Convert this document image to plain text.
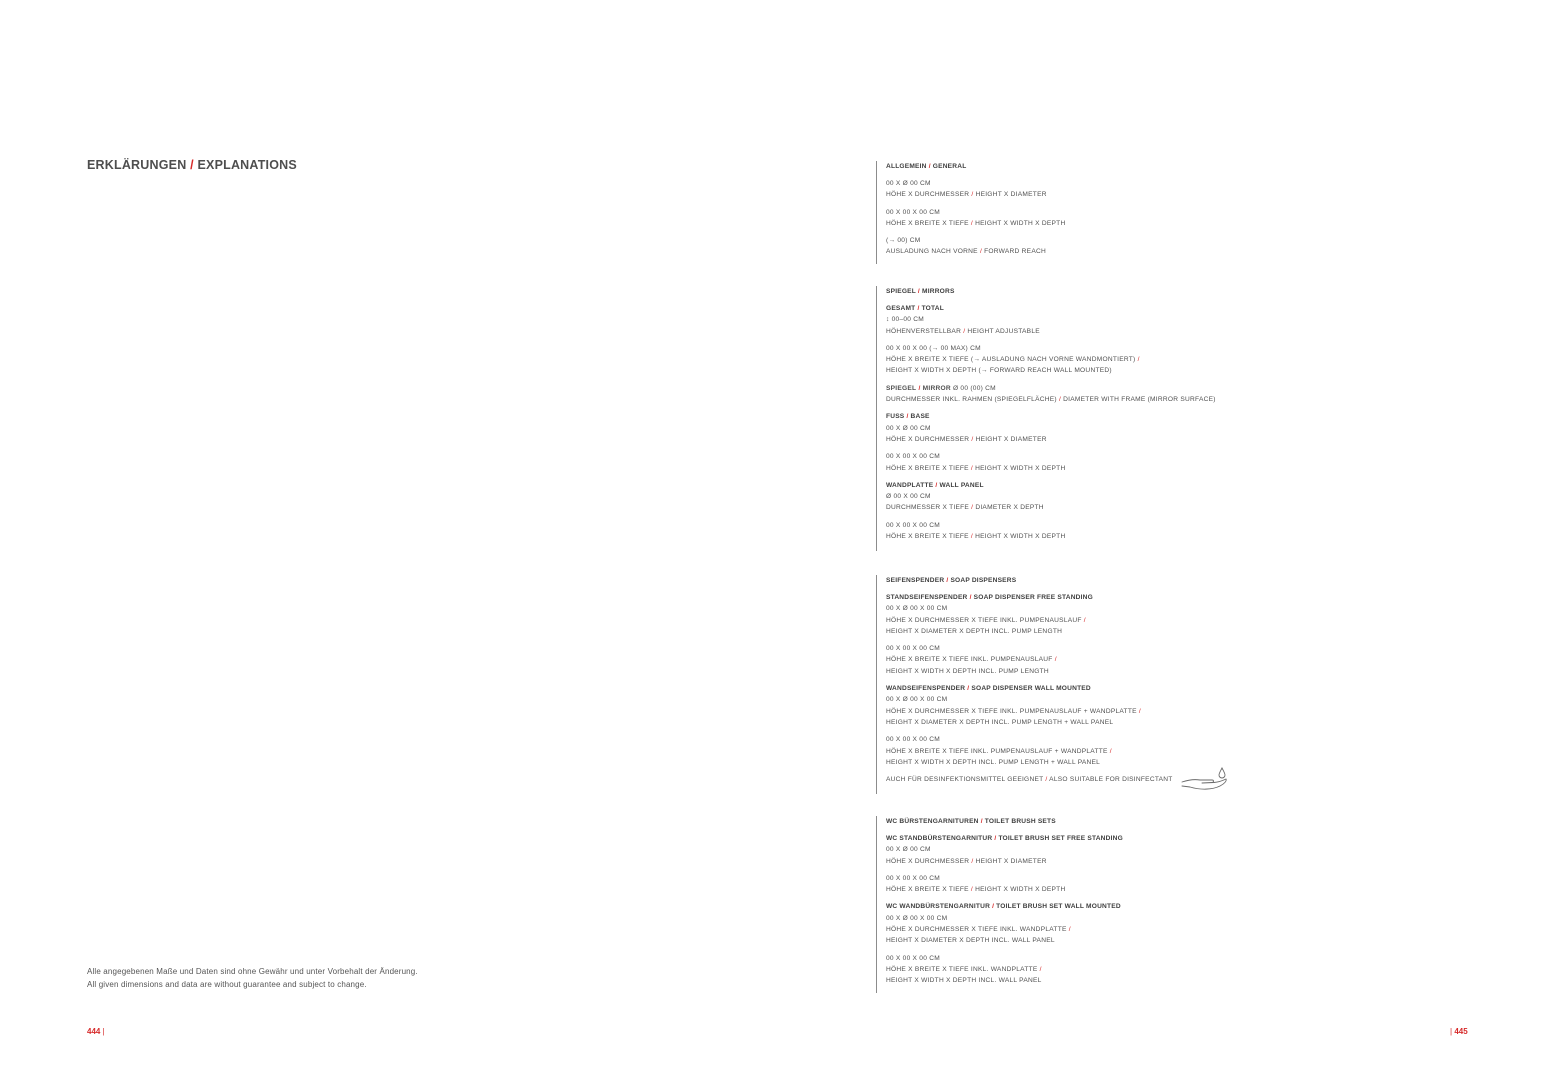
ERKLÄRUNGEN / EXPLANATIONS
Alle angegebenen Maße und Daten sind ohne Gewähr und unter Vorbehalt der Änderung.
All given dimensions and data are without guarantee and subject to change.
444 |	| 445
ALLGEMEIN / GENERAL
00 X Ø 00 CM
HÖHE X DURCHMESSER / HEIGHT X DIAMETER
00 X 00 X 00 CM
HÖHE X BREITE X TIEFE / HEIGHT X WIDTH X DEPTH
(→ 00) CM
AUSLADUNG NACH VORNE / FORWARD REACH
SPIEGEL / MIRRORS
GESAMT / TOTAL
↕ 00–00 CM
HÖHENVERSTELLBAR / HEIGHT ADJUSTABLE
00 X 00 X 00 (→ 00 MAX) CM
HÖHE X BREITE X TIEFE (→ AUSLADUNG NACH VORNE WANDMONTIERT) /
HEIGHT X WIDTH X DEPTH (→ FORWARD REACH WALL MOUNTED)
SPIEGEL / MIRROR Ø 00 (00) CM
DURCHMESSER INKL. RAHMEN (SPIEGELFLÄCHE) / DIAMETER WITH FRAME (MIRROR SURFACE)
FUSS / BASE
00 X Ø 00 CM
HÖHE X DURCHMESSER / HEIGHT X DIAMETER
00 X 00 X 00 CM
HÖHE X BREITE X TIEFE / HEIGHT X WIDTH X DEPTH
WANDPLATTE / WALL PANEL
Ø 00 X 00 CM
DURCHMESSER X TIEFE / DIAMETER X DEPTH
00 X 00 X 00 CM
HÖHE X BREITE X TIEFE / HEIGHT X WIDTH X DEPTH
SEIFENSPENDER / SOAP DISPENSERS
STANDSEIFENSPENDER / SOAP DISPENSER FREE STANDING
00 X Ø 00 X 00 CM
HÖHE X DURCHMESSER X TIEFE INKL. PUMPENAUSLAUF /
HEIGHT X DIAMETER X DEPTH INCL. PUMP LENGTH
00 X 00 X 00 CM
HÖHE X BREITE X TIEFE INKL. PUMPENAUSLAUF /
HEIGHT X WIDTH X DEPTH INCL. PUMP LENGTH
WANDSEIFENSPENDER / SOAP DISPENSER WALL MOUNTED
00 X Ø 00 X 00 CM
HÖHE X DURCHMESSER X TIEFE INKL. PUMPENAUSLAUF + WANDPLATTE /
HEIGHT X DIAMETER X DEPTH INCL. PUMP LENGTH + WALL PANEL
00 X 00 X 00 CM
HÖHE X BREITE X TIEFE INKL. PUMPENAUSLAUF + WANDPLATTE /
HEIGHT X WIDTH X DEPTH INCL. PUMP LENGTH + WALL PANEL
AUCH FÜR DESINFEKTIONSMITTEL GEEIGNET / ALSO SUITABLE FOR DISINFECTANT
WC BÜRSTENGARNITUREN / TOILET BRUSH SETS
WC STANDBÜRSTENGARNITUR / TOILET BRUSH SET FREE STANDING
00 X Ø 00 CM
HÖHE X DURCHMESSER / HEIGHT X DIAMETER
00 X 00 X 00 CM
HÖHE X BREITE X TIEFE / HEIGHT X WIDTH X DEPTH
WC WANDBÜRSTENGARNITUR / TOILET BRUSH SET WALL MOUNTED
00 X Ø 00 X 00 CM
HÖHE X DURCHMESSER X TIEFE INKL. WANDPLATTE /
HEIGHT X DIAMETER X DEPTH INCL. WALL PANEL
00 X 00 X 00 CM
HÖHE X BREITE X TIEFE INKL. WANDPLATTE /
HEIGHT X WIDTH X DEPTH INCL. WALL PANEL
